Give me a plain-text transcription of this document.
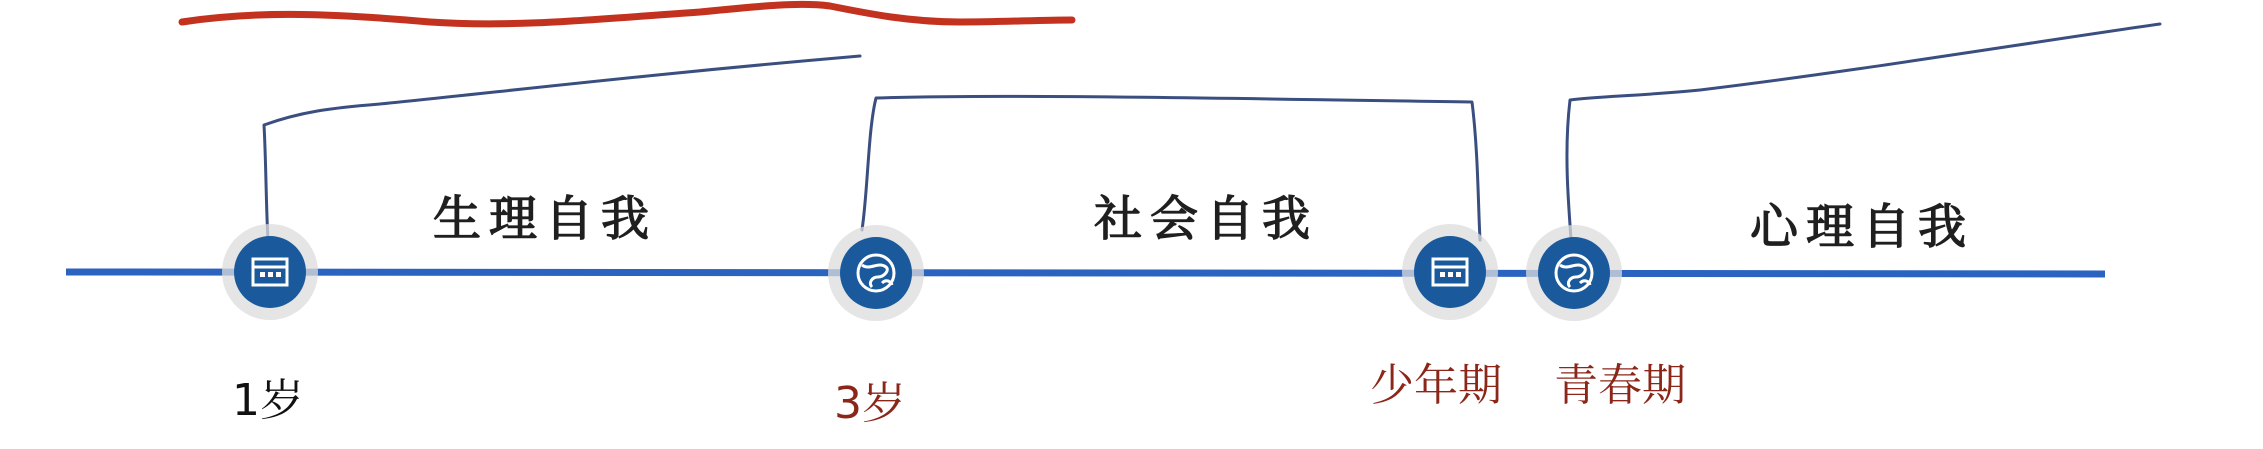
生理自我	社会自我	心理自我
1岁	3岁	少年期 青春期
